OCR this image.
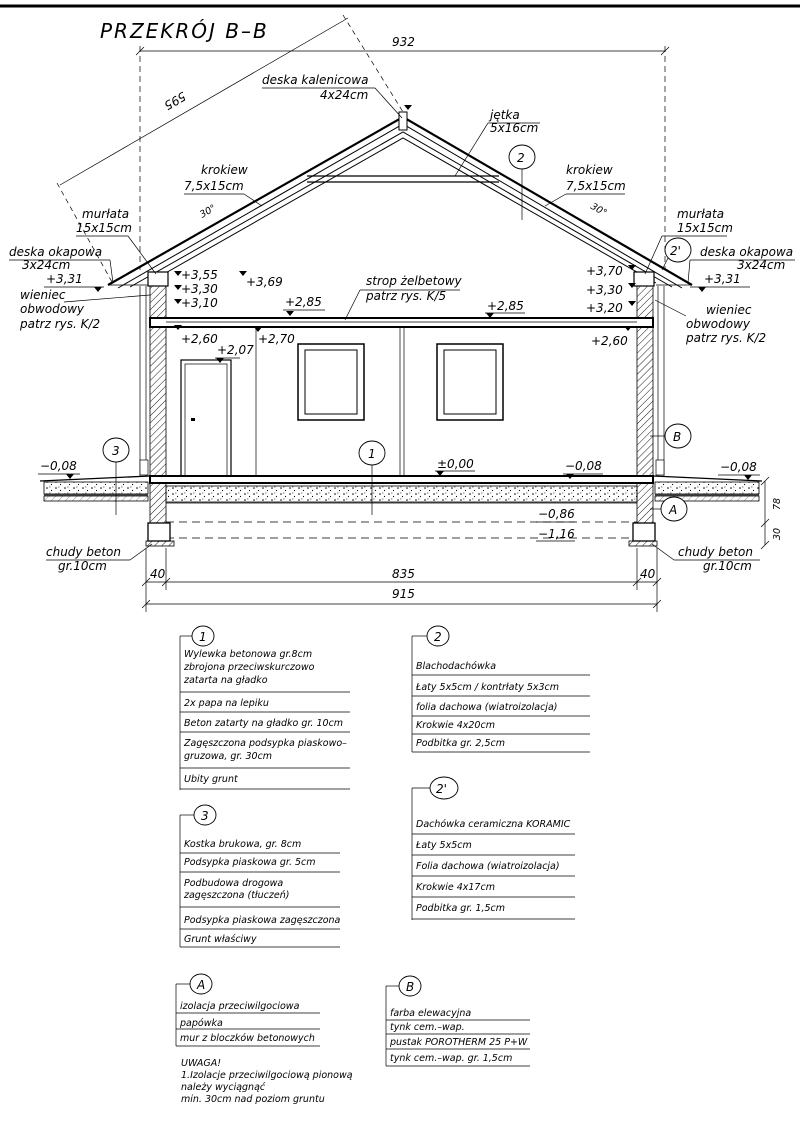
PRZEKRÓJ B–B	932
595
deska kalenicowa
4x24cm
jętka
5x16cm
krokiew
7,5x15cm
krokiew
7,5x15cm
30°	30°
2
murłata
15x15cm
murłata
15x15cm
deska okapowa
3x24cm
deska okapowa
3x24cm
2'
+3,31	+3,55
+3,30
+3,10
+3,69
wieniec
obwodowy
patrz rys. K/2
strop żelbetowy
patrz rys. K/5
+2,85	+2,85
+3,70
+3,30
+3,20
+3,31
wieniec
obwodowy
patrz rys. K/2
+2,60
+2,07
+2,70	+2,60
B
3	1
−0,08	±0,00	−0,08	−0,08
−0,86
−1,16
A	78
30
chudy beton
gr.10cm
chudy beton
gr.10cm
40	835	40
915
1
Wylewka betonowa gr.8cm
zbrojona przeciwskurczowo
zatarta na gładko
2x papa na lepiku
Beton zatarty na gładko gr. 10cm
Zagęszczona podsypka piaskowo–
gruzowa, gr. 30cm
Ubity grunt
2
Blachodachówka
Łaty 5x5cm / kontrłaty 5x3cm
folia dachowa (wiatroizolacja)
Krokwie 4x20cm
Podbitka gr. 2,5cm
2'
Dachówka ceramiczna KORAMIC
Łaty 5x5cm
Folia dachowa (wiatroizolacja)
Krokwie 4x17cm
Podbitka gr. 1,5cm
3
Kostka brukowa, gr. 8cm
Podsypka piaskowa gr. 5cm
Podbudowa drogowa
zagęszczona (tłuczeń)
Podsypka piaskowa zagęszczona
Grunt właściwy
A
izolacja przeciwilgociowa
papówka
mur z bloczków betonowych
B
farba elewacyjna
tynk cem.–wap.
pustak POROTHERM 25 P+W
tynk cem.–wap. gr. 1,5cm
UWAGA!
1.Izolacje przeciwilgociową pionową
należy wyciągnąć
min. 30cm nad poziom gruntu
